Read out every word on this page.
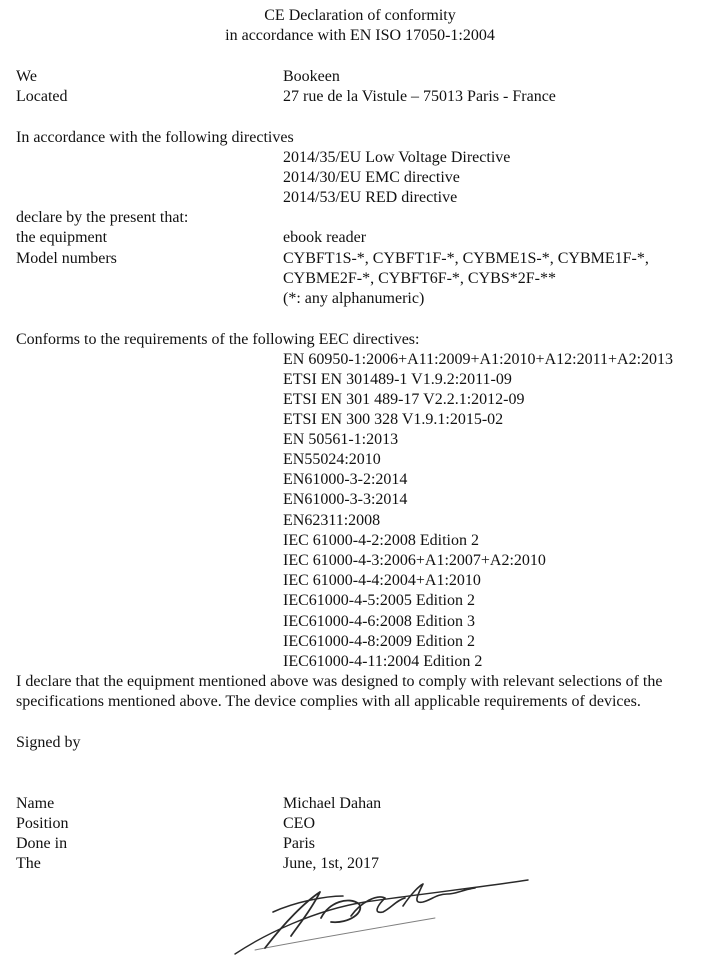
CE Declaration of conformity
in accordance with EN ISO 17050-1:2004
We	Bookeen
Located	27 rue de la Vistule – 75013 Paris - France
In accordance with the following directives
2014/35/EU Low Voltage Directive
2014/30/EU EMC directive
2014/53/EU RED directive
declare by the present that:
the equipment	ebook reader
Model numbers	CYBFT1S-*, CYBFT1F-*, CYBME1S-*, CYBME1F-*,
CYBME2F-*, CYBFT6F-*, CYBS*2F-**
(*: any alphanumeric)
Conforms to the requirements of the following EEC directives:
EN 60950-1:2006+A11:2009+A1:2010+A12:2011+A2:2013
ETSI EN 301489-1 V1.9.2:2011-09
ETSI EN 301 489-17 V2.2.1:2012-09
ETSI EN 300 328 V1.9.1:2015-02
EN 50561-1:2013
EN55024:2010
EN61000-3-2:2014
EN61000-3-3:2014
EN62311:2008
IEC 61000-4-2:2008 Edition 2
IEC 61000-4-3:2006+A1:2007+A2:2010
IEC 61000-4-4:2004+A1:2010
IEC61000-4-5:2005 Edition 2
IEC61000-4-6:2008 Edition 3
IEC61000-4-8:2009 Edition 2
IEC61000-4-11:2004 Edition 2
I declare that the equipment mentioned above was designed to comply with relevant selections of the
specifications mentioned above. The device complies with all applicable requirements of devices.
Signed by
Name	Michael Dahan
Position	CEO
Done in	Paris
The	June, 1st, 2017
